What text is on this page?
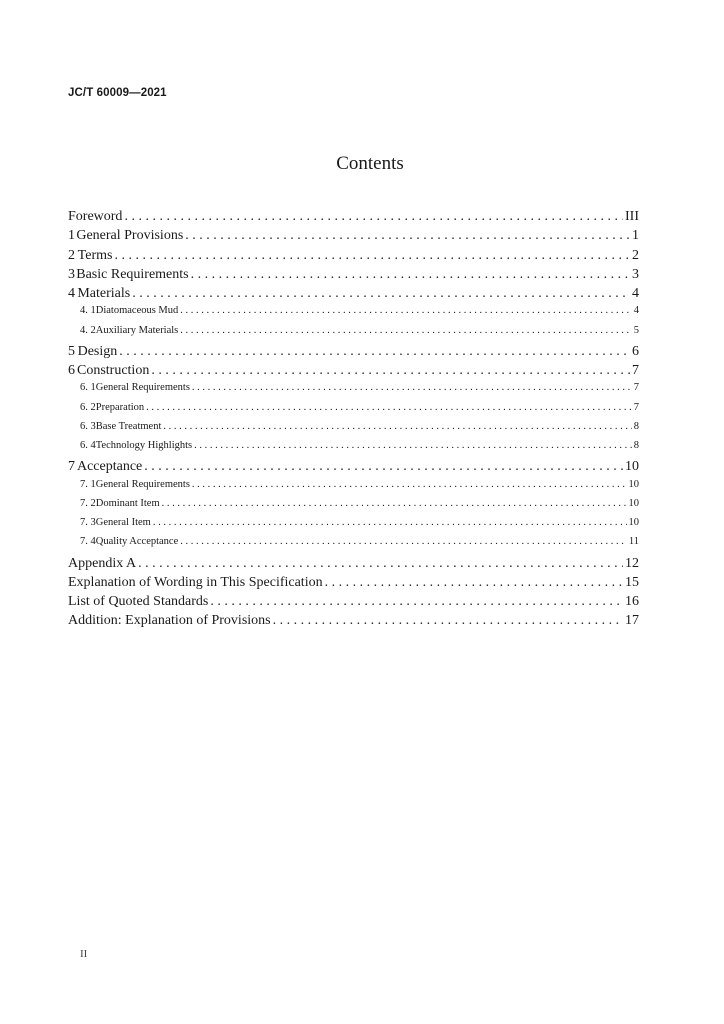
JC/T 60009—2021
Contents
Foreword . . .	III
1 General Provisions . . .	1
2 Terms . . .	2
3 Basic Requirements . . .	3
4 Materials . . .	4
4. 1 Diatomaceous Mud . . .	4
4. 2 Auxiliary Materials . . .	5
5 Design . . .	6
6 Construction . . .	7
6. 1 General Requirements . . .	7
6. 2 Preparation . . .	7
6. 3 Base Treatment . . .	8
6. 4 Technology Highlights . . .	8
7 Acceptance . . .	10
7. 1 General Requirements . . .	10
7. 2 Dominant Item . . .	10
7. 3 General Item . . .	10
7. 4 Quality Acceptance . . .	11
Appendix A . . .	12
Explanation of Wording in This Specification . . .	15
List of Quoted Standards . . .	16
Addition: Explanation of Provisions . . .	17
II
